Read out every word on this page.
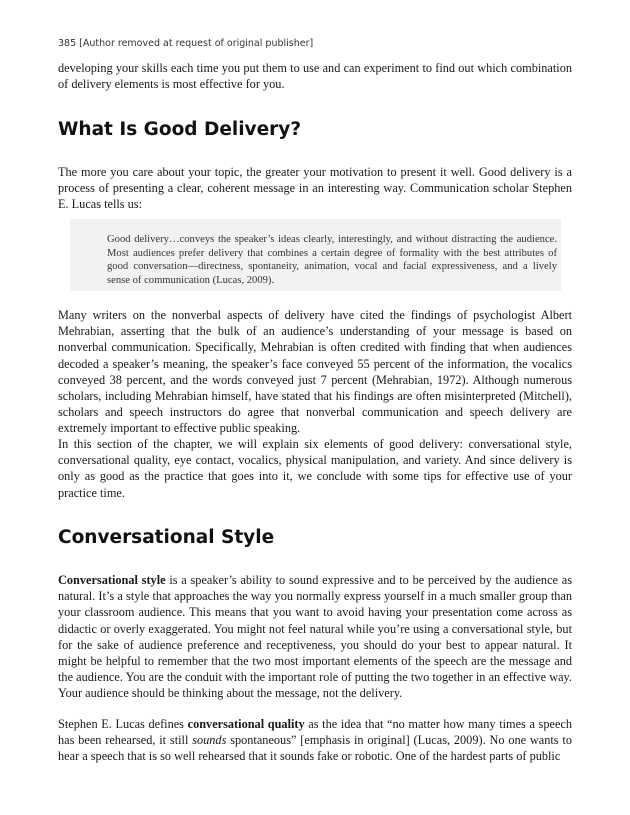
385 [Author removed at request of original publisher]

developing your skills each time you put them to use and can experiment to find out which combination of delivery elements is most effective for you.

What Is Good Delivery?

The more you care about your topic, the greater your motivation to present it well. Good delivery is a process of presenting a clear, coherent message in an interesting way. Communication scholar Stephen E. Lucas tells us:

Good delivery…conveys the speaker’s ideas clearly, interestingly, and without distracting the audience. Most audiences prefer delivery that combines a certain degree of formality with the best attributes of good conversation—directness, spontaneity, animation, vocal and facial expressiveness, and a lively sense of communication (Lucas, 2009).

Many writers on the nonverbal aspects of delivery have cited the findings of psychologist Albert Mehrabian, asserting that the bulk of an audience’s understanding of your message is based on nonverbal communication. Specifically, Mehrabian is often credited with finding that when audiences decoded a speaker’s meaning, the speaker’s face conveyed 55 percent of the information, the vocalics conveyed 38 percent, and the words conveyed just 7 percent (Mehrabian, 1972). Although numerous scholars, including Mehrabian himself, have stated that his findings are often misinterpreted (Mitchell), scholars and speech instructors do agree that nonverbal communication and speech delivery are extremely important to effective public speaking.

In this section of the chapter, we will explain six elements of good delivery: conversational style, conversational quality, eye contact, vocalics, physical manipulation, and variety. And since delivery is only as good as the practice that goes into it, we conclude with some tips for effective use of your practice time.

Conversational Style

Conversational style is a speaker’s ability to sound expressive and to be perceived by the audience as natural. It’s a style that approaches the way you normally express yourself in a much smaller group than your classroom audience. This means that you want to avoid having your presentation come across as didactic or overly exaggerated. You might not feel natural while you’re using a conversational style, but for the sake of audience preference and receptiveness, you should do your best to appear natural. It might be helpful to remember that the two most important elements of the speech are the message and the audience. You are the conduit with the important role of putting the two together in an effective way. Your audience should be thinking about the message, not the delivery.

Stephen E. Lucas defines conversational quality as the idea that “no matter how many times a speech has been rehearsed, it still sounds spontaneous” [emphasis in original] (Lucas, 2009). No one wants to hear a speech that is so well rehearsed that it sounds fake or robotic. One of the hardest parts of public
